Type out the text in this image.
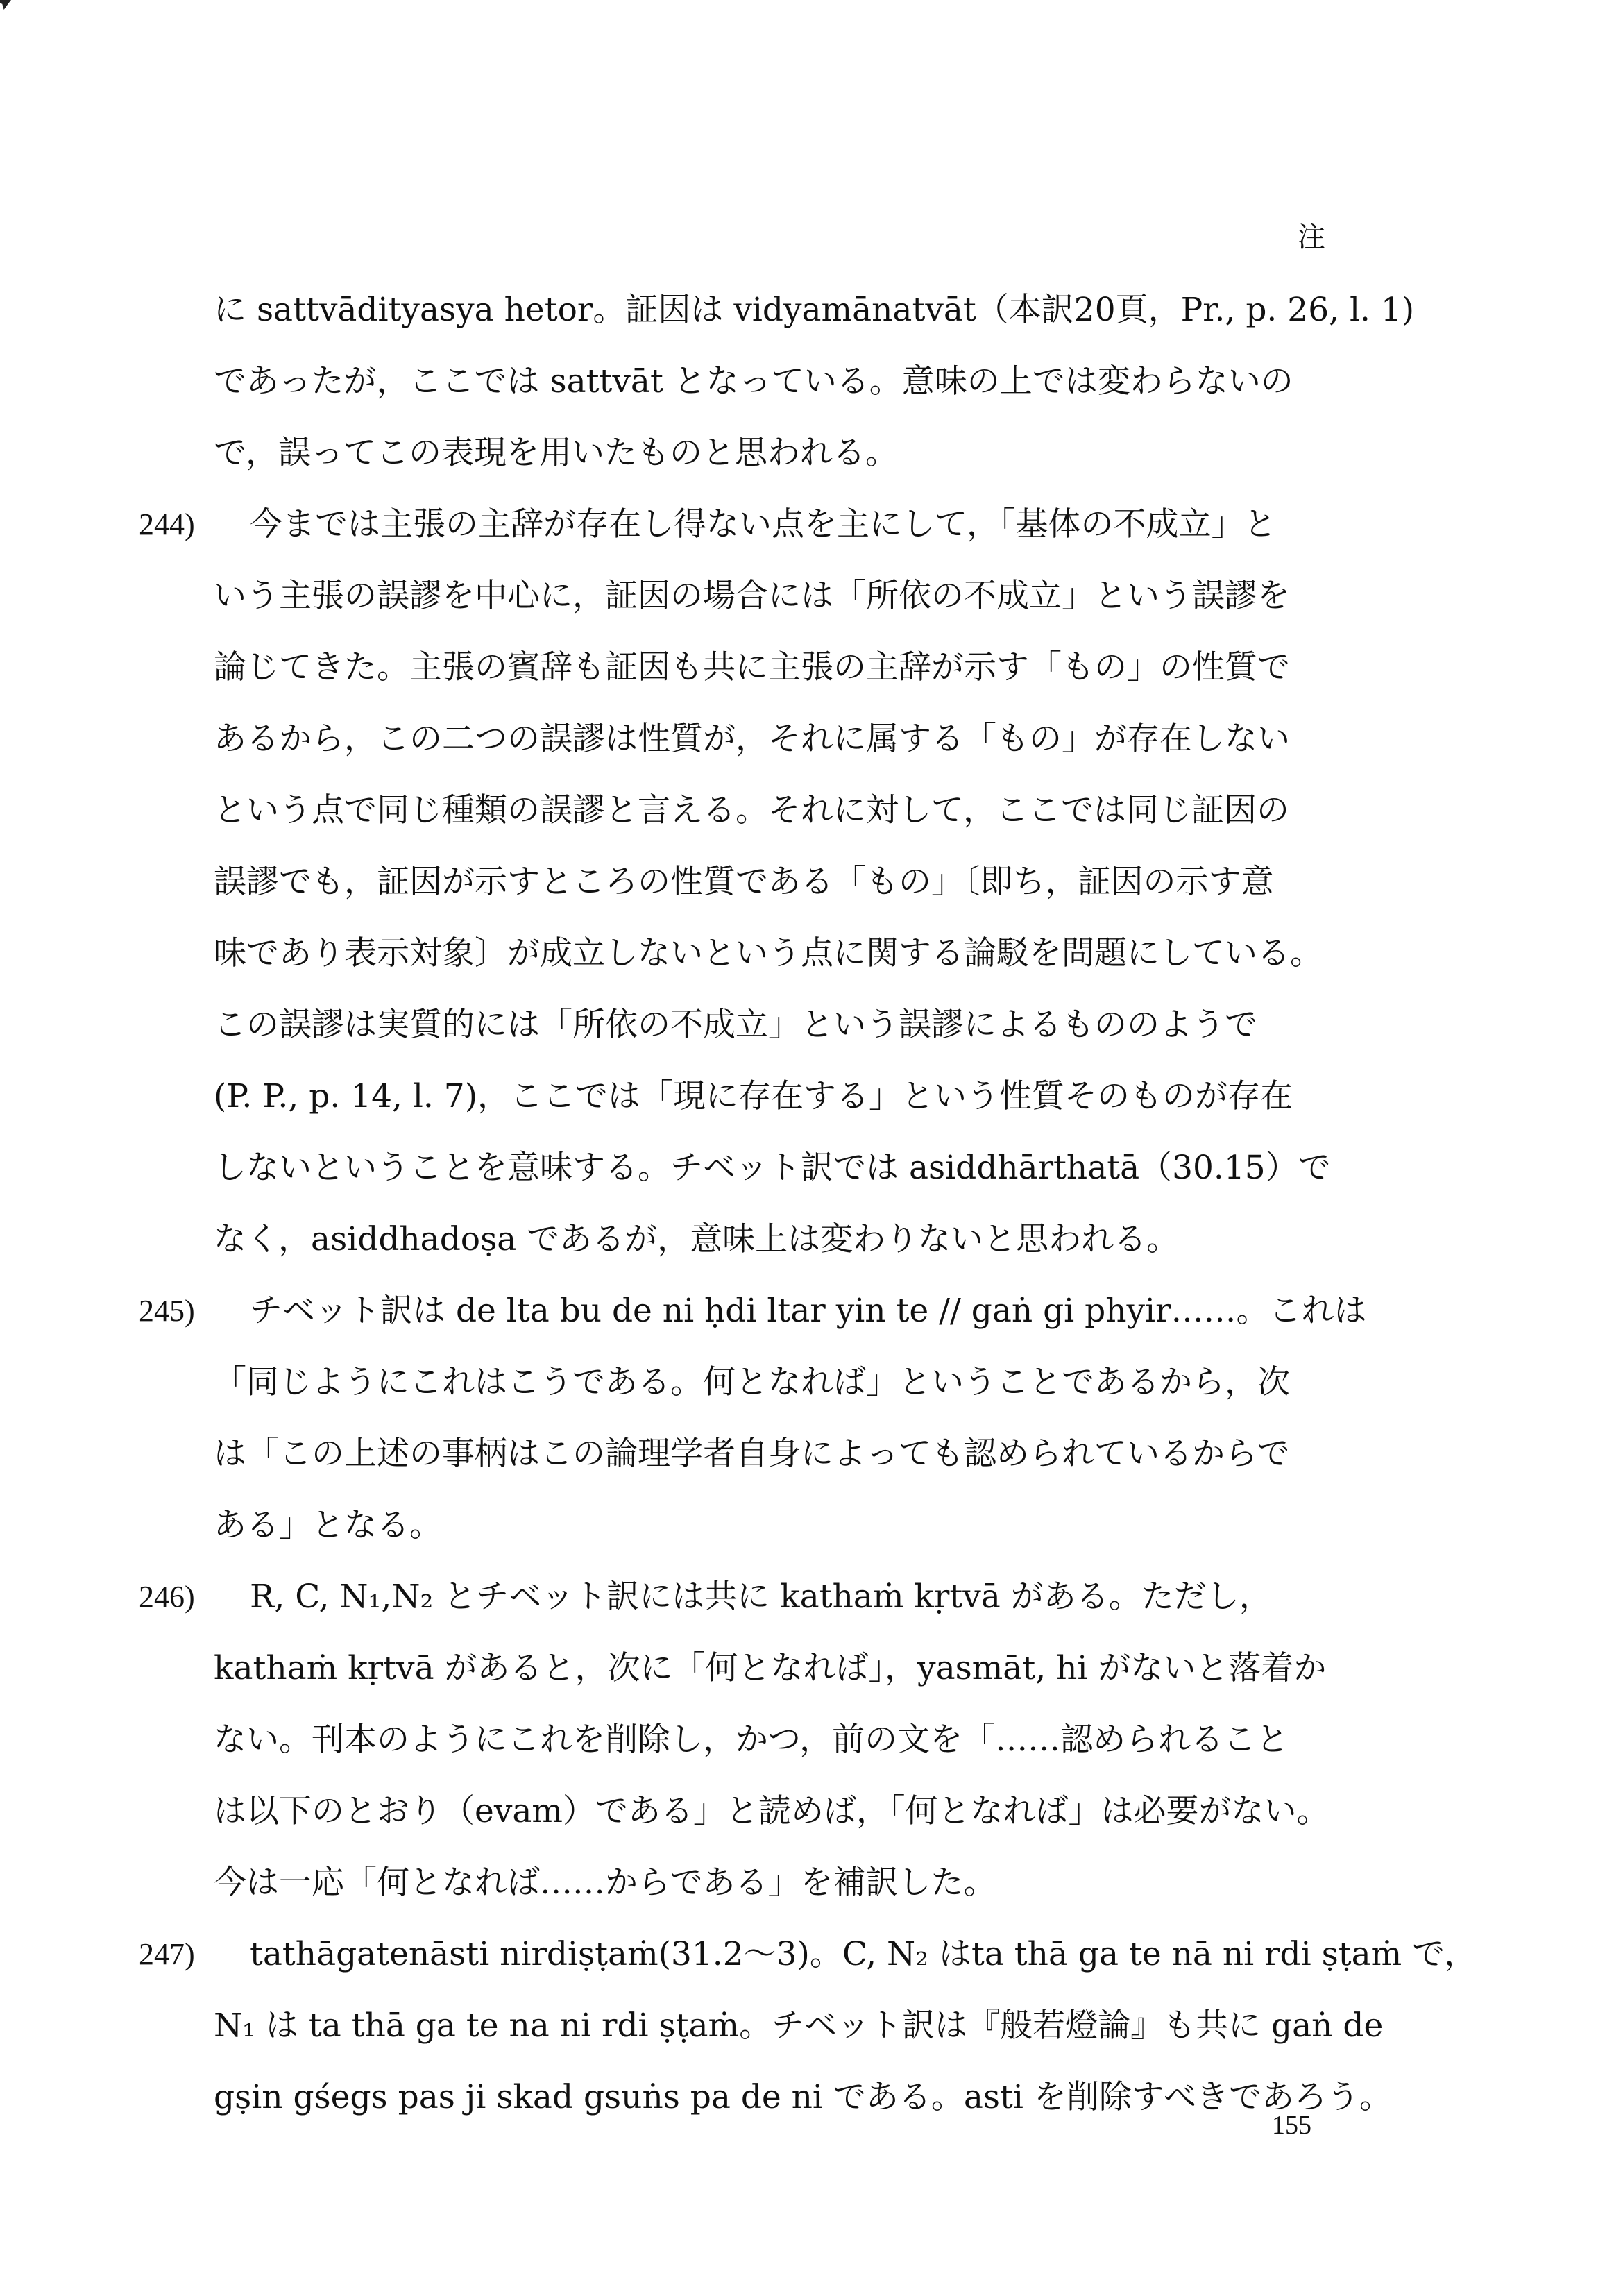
注
に sattvādityasya hetor。証因は vidyamānatvāt（本訳20頁，Pr., p. 26, l. 1)
であったが，ここでは sattvāt となっている。意味の上では変わらないの
で，誤ってこの表現を用いたものと思われる。
244)	今までは主張の主辞が存在し得ない点を主にして，「基体の不成立」と
いう主張の誤謬を中心に，証因の場合には「所依の不成立」という誤謬を
論じてきた。主張の賓辞も証因も共に主張の主辞が示す「もの」の性質で
あるから，この二つの誤謬は性質が，それに属する「もの」が存在しない
という点で同じ種類の誤謬と言える。それに対して，ここでは同じ証因の
誤謬でも，証因が示すところの性質である「もの」〔即ち，証因の示す意
味であり表示対象〕が成立しないという点に関する論駁を問題にしている。
この誤謬は実質的には「所依の不成立」という誤謬によるもののようで
(P. P., p. 14, l. 7)，ここでは「現に存在する」という性質そのものが存在
しないということを意味する。チベット訳では asiddhārthatā（30.15）で
なく，asiddhadoṣa であるが，意味上は変わりないと思われる。
245)	チベット訳は de lta bu de ni ḥdi ltar yin te // gaṅ gi phyir……。これは
「同じようにこれはこうである。何となれば」ということであるから，次
は「この上述の事柄はこの論理学者自身によっても認められているからで
ある」となる。
246)	R, C, N₁,N₂ とチベット訳には共に kathaṁ kṛtvā がある。ただし，
kathaṁ kṛtvā があると，次に「何となれば」，yasmāt, hi がないと落着か
ない。刊本のようにこれを削除し，かつ，前の文を「……認められること
は以下のとおり（evam）である」と読めば，「何となれば」は必要がない。
今は一応「何となれば……からである」を補訳した。
247)	tathāgatenāsti nirdiṣṭaṁ(31.2〜3)。C, N₂ はta thā ga te nā ni rdi ṣṭaṁ で，
N₁ は ta thā ga te na ni rdi ṣṭaṁ。チベット訳は『般若燈論』も共に gaṅ de
gṣin gśegs pas ji skad gsuṅs pa de ni である。asti を削除すべきであろう。
155
